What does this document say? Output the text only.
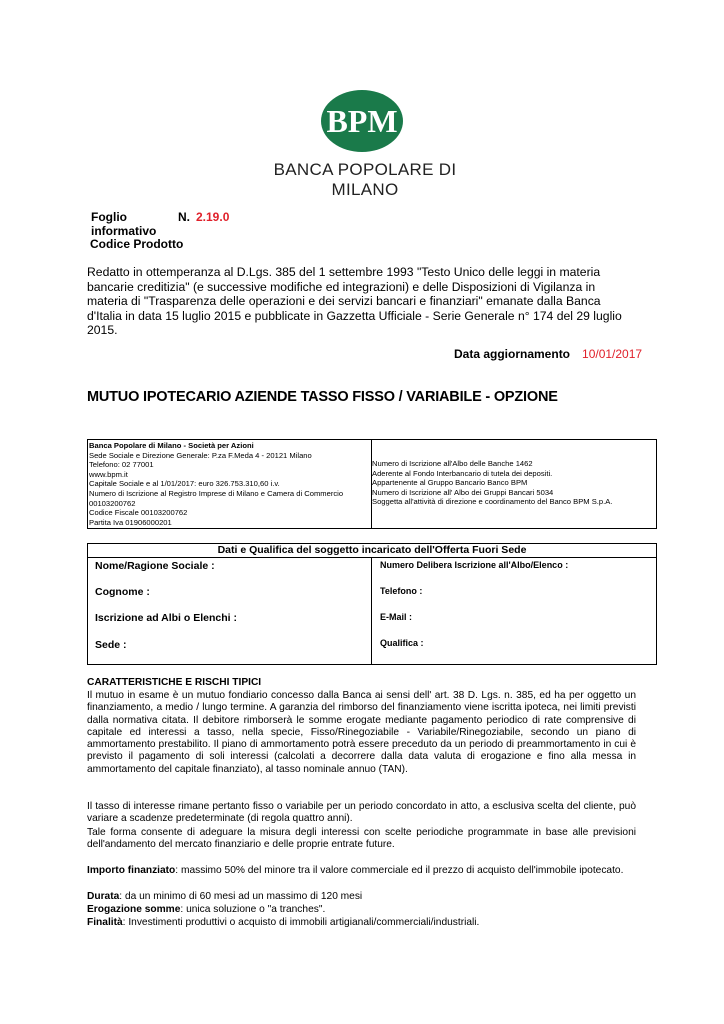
BPM
BANCA POPOLARE DI MILANO
Foglio informativo
N. 2.19.0
Codice Prodotto
Redatto in ottemperanza al D.Lgs. 385 del 1 settembre 1993 "Testo Unico delle leggi in materia bancarie creditizia" (e successive modifiche ed integrazioni) e delle Disposizioni di Vigilanza in materia di "Trasparenza delle operazioni e dei servizi bancari e finanziari" emanate dalla Banca d'Italia in data 15 luglio 2015 e pubblicate in Gazzetta Ufficiale - Serie Generale n° 174 del 29 luglio 2015.
Data aggiornamento 10/01/2017
MUTUO IPOTECARIO AZIENDE TASSO FISSO / VARIABILE - OPZIONE
Banca Popolare di Milano - Società per Azioni
Sede Sociale e Direzione Generale: P.za F.Meda 4 - 20121 Milano
Telefono: 02 77001
www.bpm.it
Capitale Sociale e al 1/01/2017: euro 326.753.310,60 i.v.
Numero di Iscrizione al Registro Imprese di Milano e Camera di Commercio
00103200762
Codice Fiscale 00103200762
Partita Iva 01906000201
Numero di Iscrizione all'Albo delle Banche 1462
Aderente al Fondo Interbancario di tutela dei depositi.
Appartenente al Gruppo Bancario Banco BPM
Numero di Iscrizione all' Albo dei Gruppi Bancari 5034
Soggetta all'attività di direzione e coordinamento del Banco BPM S.p.A.
Dati e Qualifica del soggetto incaricato dell'Offerta Fuori Sede
Nome/Ragione Sociale :
Cognome :
Iscrizione ad Albi o Elenchi :
Sede :
Numero Delibera Iscrizione all'Albo/Elenco :
Telefono :
E-Mail :
Qualifica :
CARATTERISTICHE E RISCHI TIPICI
Il mutuo in esame è un mutuo fondiario concesso dalla Banca ai sensi dell' art. 38 D. Lgs. n. 385, ed ha per oggetto un finanziamento, a medio / lungo termine. A garanzia del rimborso del finanziamento viene iscritta ipoteca, nei limiti previsti dalla normativa citata. Il debitore rimborserà le somme erogate mediante pagamento periodico di rate comprensive di capitale ed interessi a tasso, nella specie, Fisso/Rinegoziabile - Variabile/Rinegoziabile, secondo un piano di ammortamento prestabilito. Il piano di ammortamento potrà essere preceduto da un periodo di preammortamento in cui è previsto il pagamento di soli interessi (calcolati a decorrere dalla data valuta di erogazione e fino alla messa in ammortamento del capitale finanziato), al tasso nominale annuo (TAN).
Il tasso di interesse rimane pertanto fisso o variabile per un periodo concordato in atto, a esclusiva scelta del cliente, può variare a scadenze predeterminate (di regola quattro anni).
Tale forma consente di adeguare la misura degli interessi con scelte periodiche programmate in base alle previsioni dell'andamento del mercato finanziario e delle proprie entrate future.
Importo finanziato: massimo 50% del minore tra il valore commerciale ed il prezzo di acquisto dell'immobile ipotecato.
Durata: da un minimo di 60 mesi ad un massimo di 120 mesi
Erogazione somme: unica soluzione o "a tranches".
Finalità: Investimenti produttivi o acquisto di immobili artigianali/commerciali/industriali.
